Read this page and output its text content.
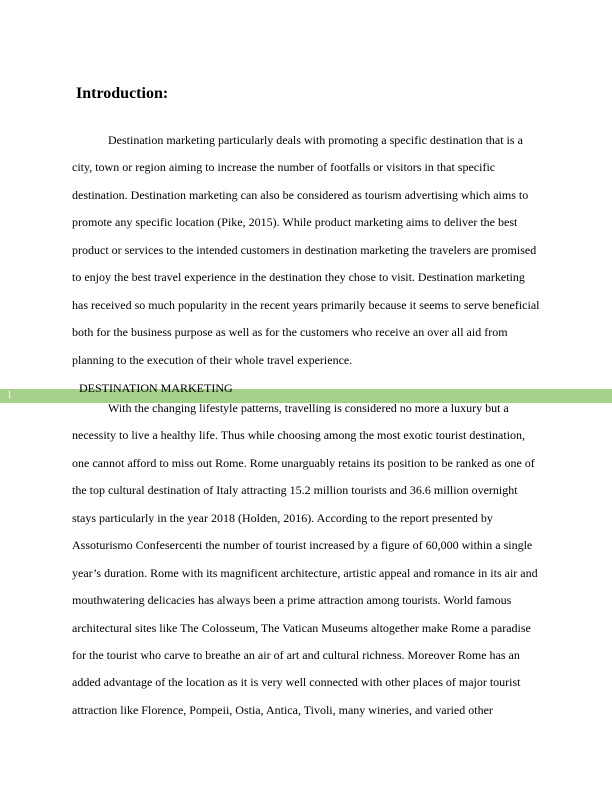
Introduction:
Destination marketing particularly deals with promoting a specific destination that is a
city, town or region aiming to increase the number of footfalls or visitors in that specific
destination. Destination marketing can also be considered as tourism advertising which aims to
promote any specific location (Pike, 2015). While product marketing aims to deliver the best
product or services to the intended customers in destination marketing the travelers are promised
to enjoy the best travel experience in the destination they chose to visit. Destination marketing
has received so much popularity in the recent years primarily because it seems to serve beneficial
both for the business purpose as well as for the customers who receive an over all aid from
planning to the execution of their whole travel experience.
1
DESTINATION MARKETING
With the changing lifestyle patterns, travelling is considered no more a luxury but a
necessity to live a healthy life. Thus while choosing among the most exotic tourist destination,
one cannot afford to miss out Rome. Rome unarguably retains its position to be ranked as one of
the top cultural destination of Italy attracting 15.2 million tourists and 36.6 million overnight
stays particularly in the year 2018 (Holden, 2016). According to the report presented by
Assoturismo Confesercenti the number of tourist increased by a figure of 60,000 within a single
year’s duration. Rome with its magnificent architecture, artistic appeal and romance in its air and
mouthwatering delicacies has always been a prime attraction among tourists. World famous
architectural sites like The Colosseum, The Vatican Museums altogether make Rome a paradise
for the tourist who carve to breathe an air of art and cultural richness. Moreover Rome has an
added advantage of the location as it is very well connected with other places of major tourist
attraction like Florence, Pompeii, Ostia, Antica, Tivoli, many wineries, and varied other
